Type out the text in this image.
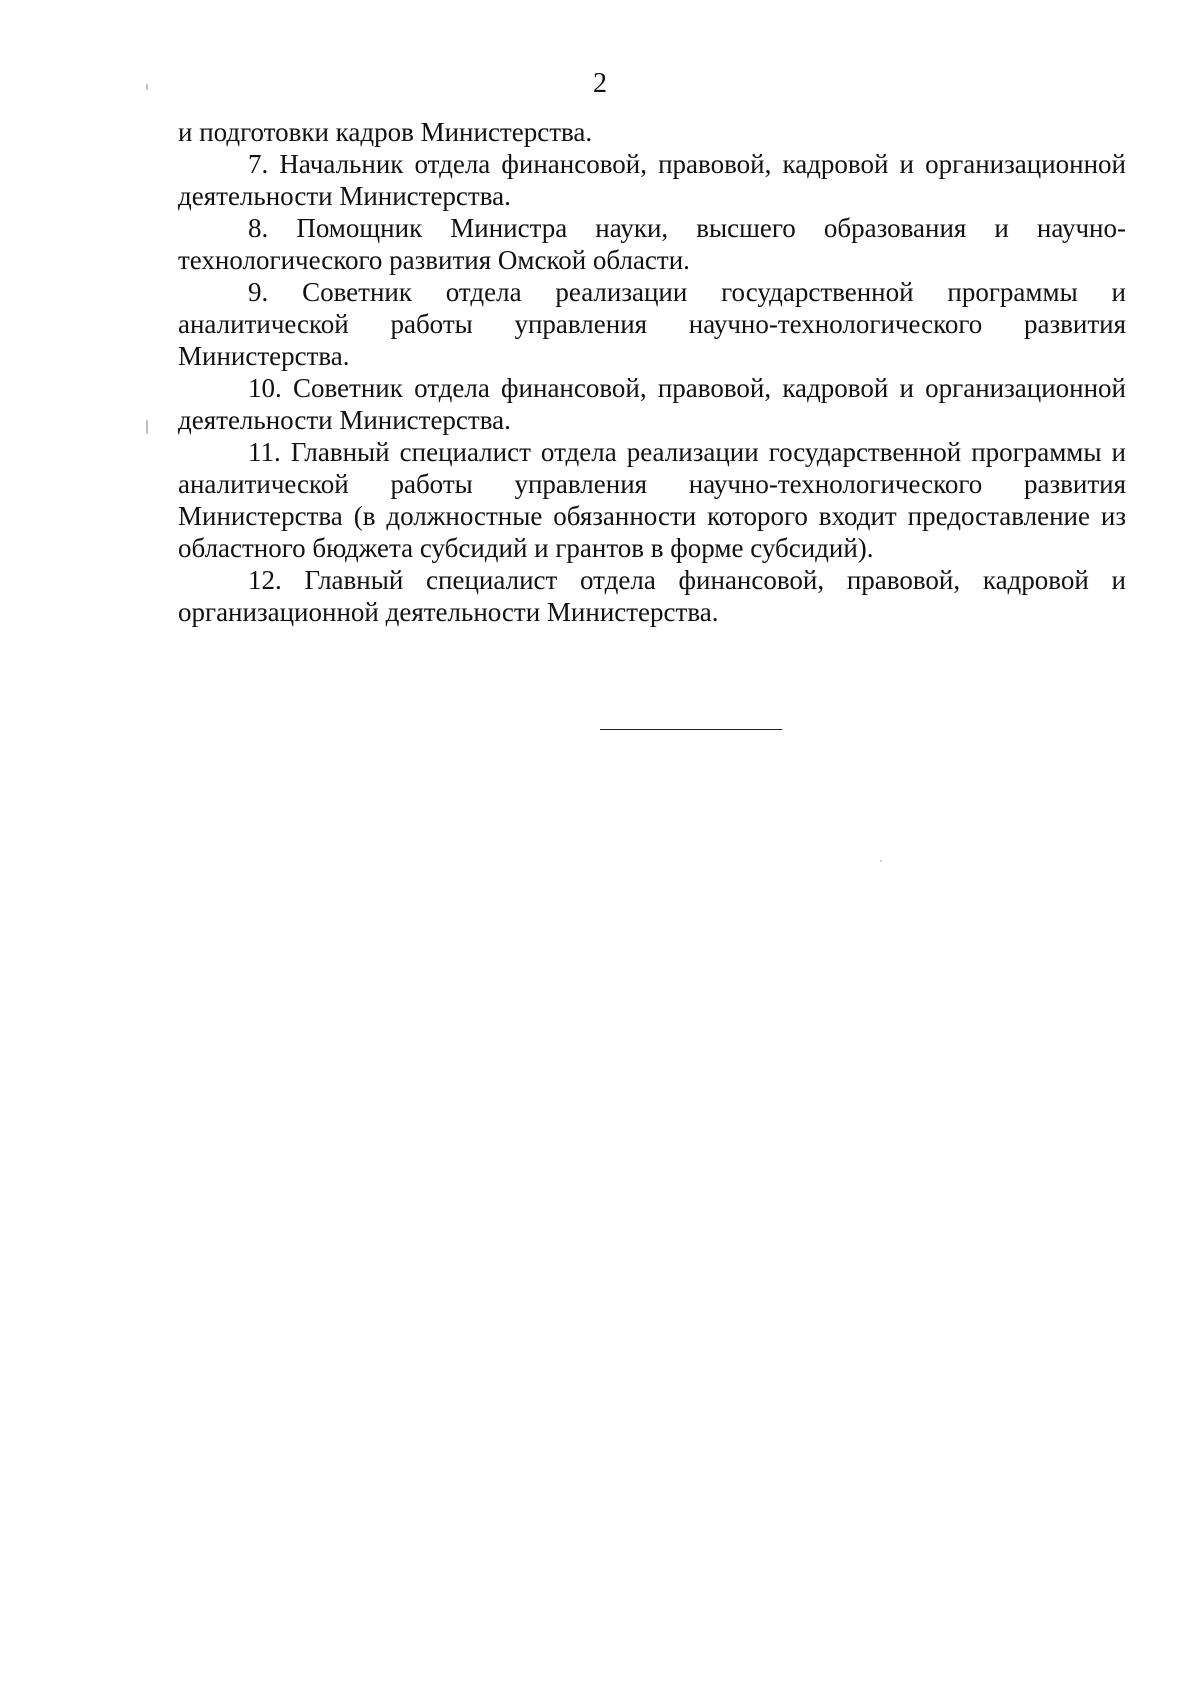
2

и подготовки кадров Министерства.

7. Начальник отдела финансовой, правовой, кадровой и организационной деятельности Министерства.

8. Помощник Министра науки, высшего образования и научно-технологического развития Омской области.

9. Советник отдела реализации государственной программы и аналитической работы управления научно-технологического развития Министерства.

10. Советник отдела финансовой, правовой, кадровой и организационной деятельности Министерства.

11. Главный специалист отдела реализации государственной программы и аналитической работы управления научно-технологического развития Министерства (в должностные обязанности которого входит предоставление из областного бюджета субсидий и грантов в форме субсидий).

12. Главный специалист отдела финансовой, правовой, кадровой и организационной деятельности Министерства.
